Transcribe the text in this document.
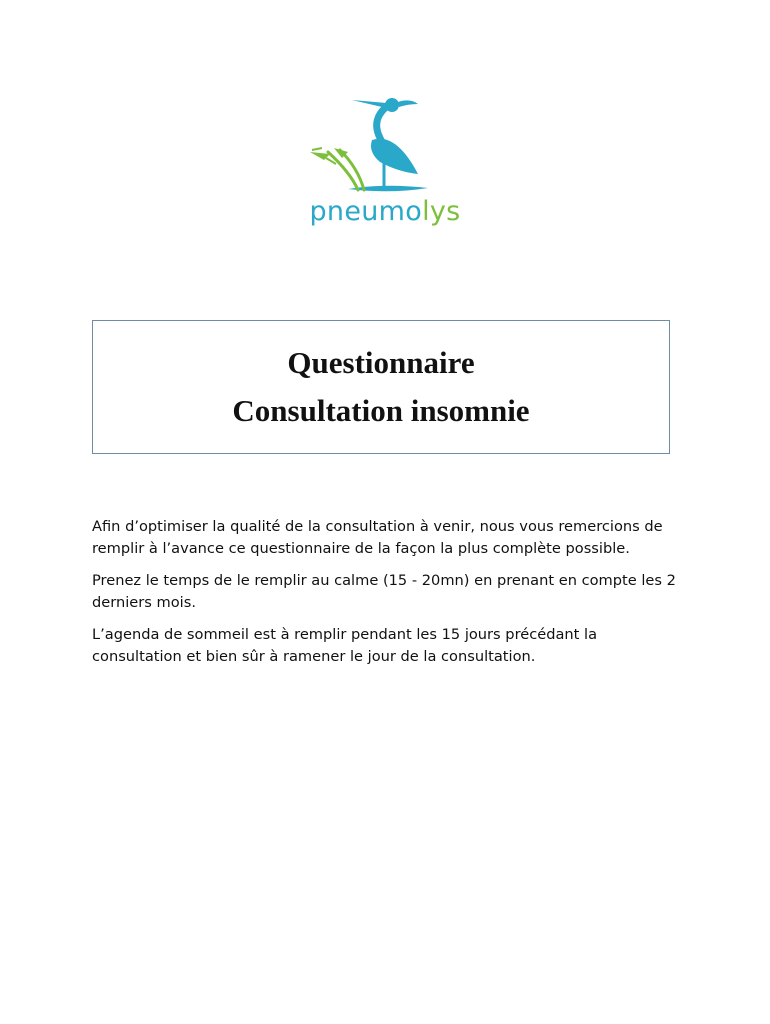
pneumolys
Questionnaire
Consultation insomnie

Afin d’optimiser la qualité de la consultation à venir, nous vous remercions de remplir à l’avance ce questionnaire de la façon la plus complète possible.

Prenez le temps de le remplir au calme (15 - 20mn) en prenant en compte les 2 derniers mois.

L’agenda de sommeil est à remplir pendant les 15 jours précédant la consultation et bien sûr à ramener le jour de la consultation.
